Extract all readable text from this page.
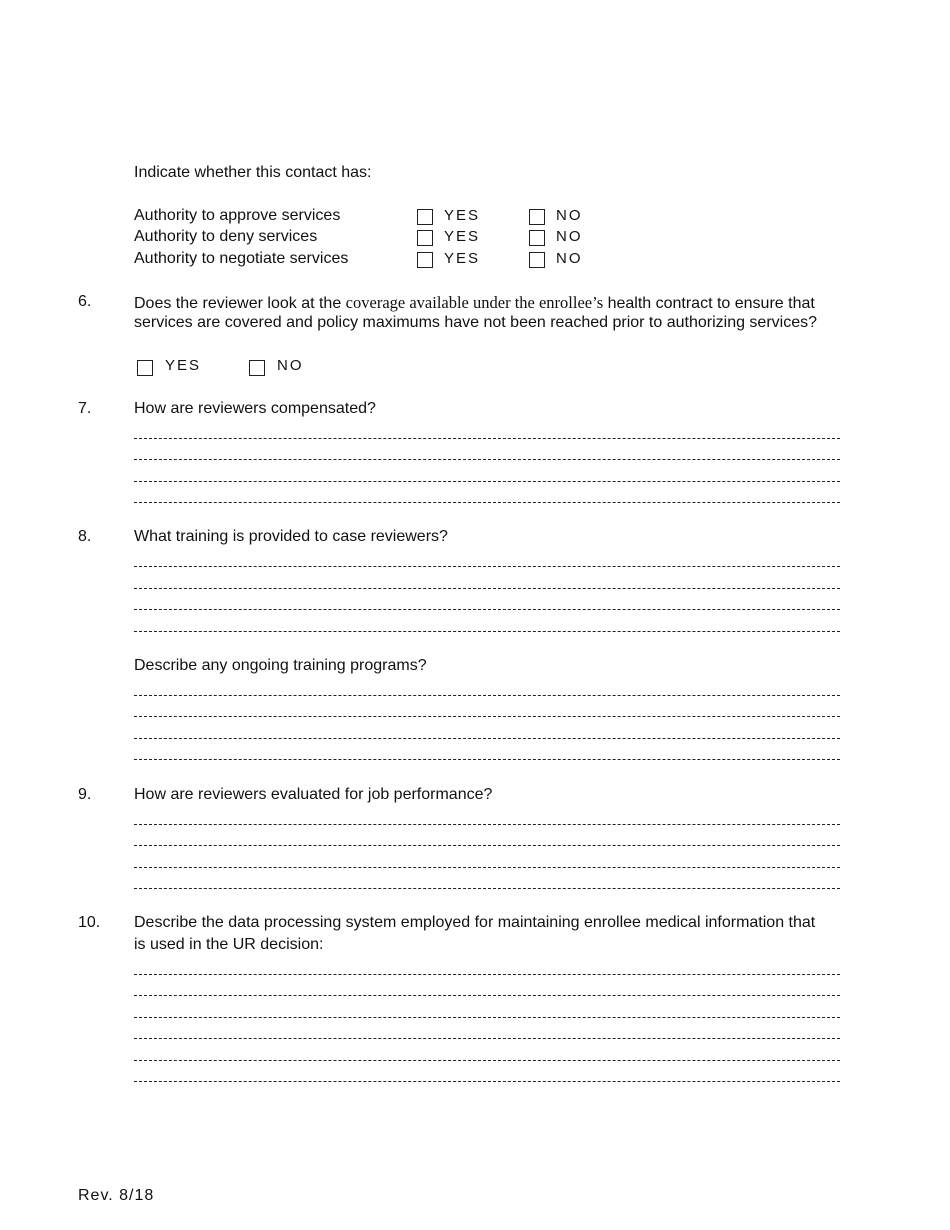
Indicate whether this contact has:
Authority to approve services	YES	NO
Authority to deny services	YES	NO
Authority to negotiate services	YES	NO
6.	Does the reviewer look at the coverage available under the enrollee’s health contract to ensure that
services are covered and policy maximums have not been reached prior to authorizing services?
YES	NO
7.	How are reviewers compensated?
8.	What training is provided to case reviewers?
Describe any ongoing training programs?
9.	How are reviewers evaluated for job performance?
10. Describe the data processing system employed for maintaining enrollee medical information that
is used in the UR decision:
Rev. 8/18
